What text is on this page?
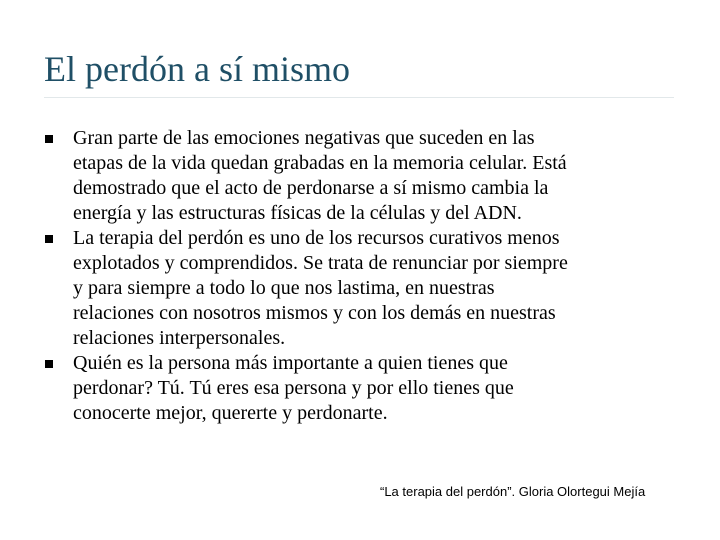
El perdón a sí mismo
Gran parte de las emociones negativas que suceden en las
etapas de la vida quedan grabadas en la memoria celular. Está
demostrado que el acto de perdonarse a sí mismo cambia la
energía y las estructuras físicas de la células y del ADN.
La terapia del perdón es uno de los recursos curativos menos
explotados y comprendidos. Se trata de renunciar por siempre
y para siempre a todo lo que nos lastima, en nuestras
relaciones con nosotros mismos y con los demás en nuestras
relaciones interpersonales.
Quién es la persona más importante a quien tienes que
perdonar? Tú. Tú eres esa persona y por ello tienes que
conocerte mejor, quererte y perdonarte.
“La terapia del perdón”. Gloria Olortegui Mejía
